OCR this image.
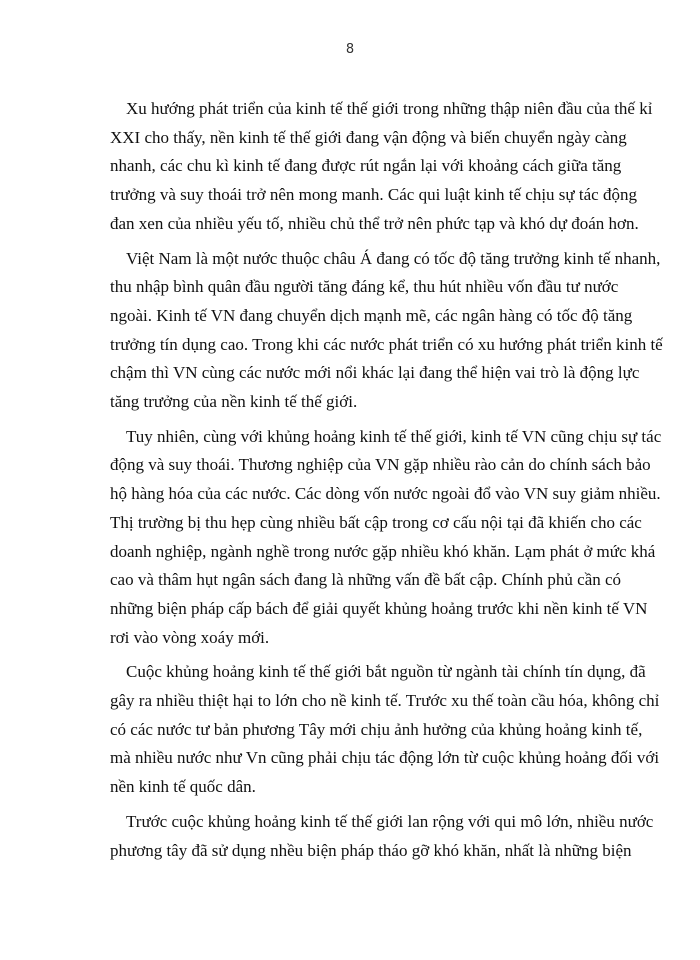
8
Xu hướng phát triển của kinh tế thế giới trong những thập niên đầu của thế kỉ
XXI cho thấy, nền kinh tế thế giới đang vận động và biến chuyển ngày càng
nhanh, các chu kì kinh tế đang được rút ngắn lại với khoảng cách giữa tăng
trưởng và suy thoái trở nên mong manh. Các qui luật kinh tế chịu sự tác động
đan xen của nhiều yếu tố, nhiều chủ thể trở nên phức tạp và khó dự đoán hơn.
Việt Nam là một nước thuộc châu Á đang có tốc độ tăng trưởng kinh tế nhanh,
thu nhập bình quân đầu người tăng đáng kể, thu hút nhiều vốn đầu tư nước
ngoài. Kinh tế VN đang chuyển dịch mạnh mẽ, các ngân hàng có tốc độ tăng
trưởng tín dụng cao. Trong khi các nước phát triển có xu hướng phát triển kinh tế
chậm thì VN cùng các nước mới nổi khác lại đang thể hiện vai trò là động lực
tăng trưởng của nền kinh tế thế giới.
Tuy nhiên, cùng với khủng hoảng kinh tế thế giới, kinh tế VN cũng chịu sự tác
động và suy thoái. Thương nghiệp của VN gặp nhiều rào cản do chính sách bảo
hộ hàng hóa của các nước. Các dòng vốn nước ngoài đổ vào VN suy giảm nhiều.
Thị trường bị thu hẹp cùng nhiều bất cập trong cơ cấu nội tại đã khiến cho các
doanh nghiệp, ngành nghề trong nước gặp nhiều khó khăn. Lạm phát ở mức khá
cao và thâm hụt ngân sách đang là những vấn đề bất cập. Chính phủ cần có
những biện pháp cấp bách để giải quyết khủng hoảng trước khi nền kinh tế VN
rơi vào vòng xoáy mới.
Cuộc khủng hoảng kinh tế thế giới bắt nguồn từ ngành tài chính tín dụng, đã
gây ra nhiều thiệt hại to lớn cho nề kinh tế. Trước xu thế toàn cầu hóa, không chỉ
có các nước tư bản phương Tây mới chịu ảnh hưởng của khủng hoảng kinh tế,
mà nhiều nước như Vn cũng phải chịu tác động lớn từ cuộc khủng hoảng đối với
nền kinh tế quốc dân.
Trước cuộc khủng hoảng kinh tế thế giới lan rộng với qui mô lớn, nhiều nước
phương tây đã sử dụng nhều biện pháp tháo gỡ khó khăn, nhất là những biện
